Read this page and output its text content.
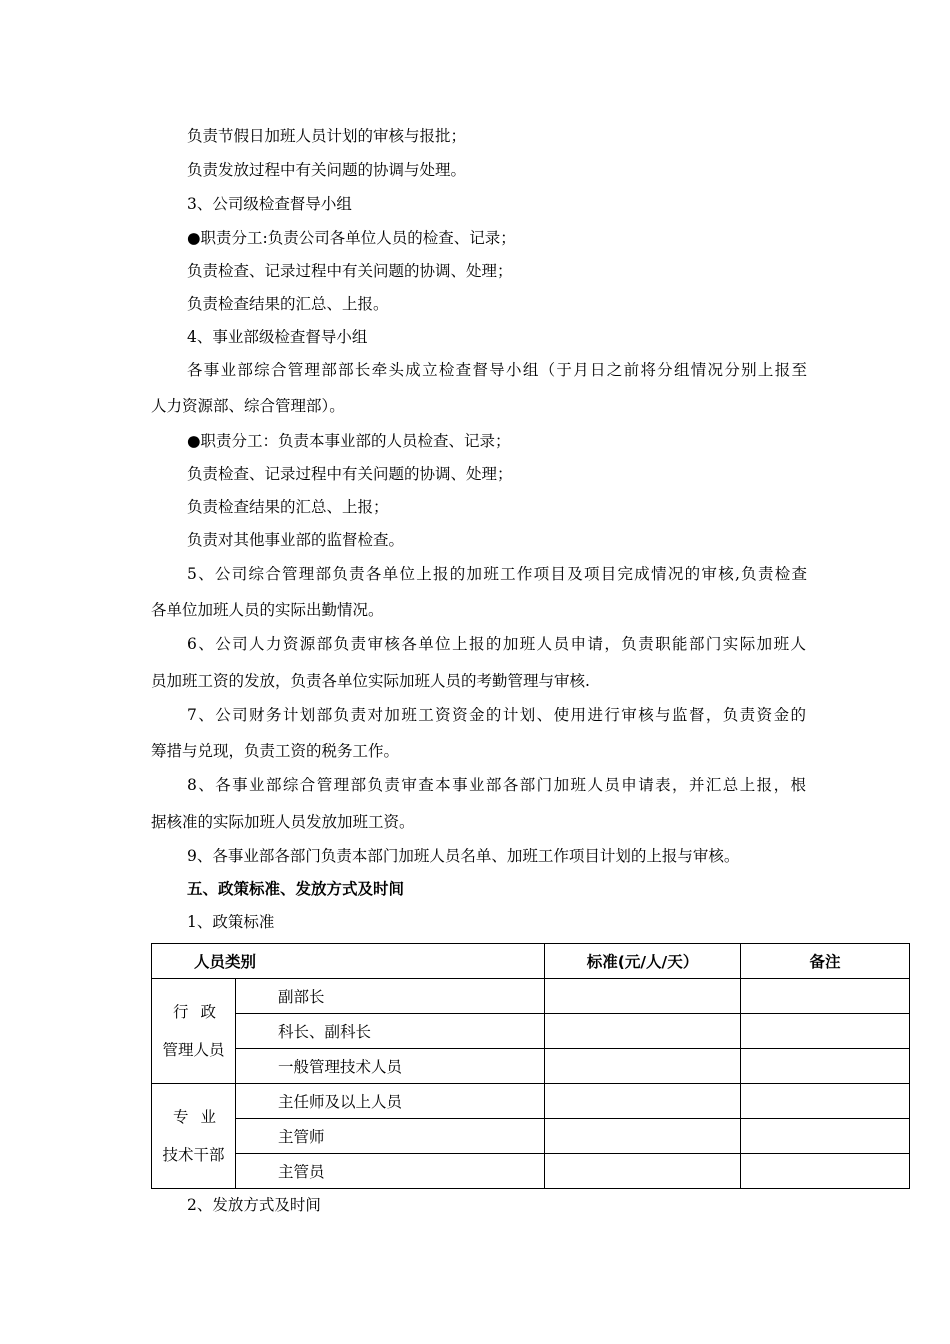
负责节假日加班人员计划的审核与报批；
负责发放过程中有关问题的协调与处理。
3、公司级检查督导小组
●职责分工:负责公司各单位人员的检查、记录；
负责检查、记录过程中有关问题的协调、处理；
负责检查结果的汇总、上报。
4、事业部级检查督导小组
各事业部综合管理部部长牵头成立检查督导小组（于月日之前将分组情况分别上报至
人力资源部、综合管理部）。
●职责分工：负责本事业部的人员检查、记录；
负责检查、记录过程中有关问题的协调、处理；
负责检查结果的汇总、上报；
负责对其他事业部的监督检查。
5、公司综合管理部负责各单位上报的加班工作项目及项目完成情况的审核,负责检查
各单位加班人员的实际出勤情况。
6、公司人力资源部负责审核各单位上报的加班人员申请，负责职能部门实际加班人
员加班工资的发放，负责各单位实际加班人员的考勤管理与审核.
7、公司财务计划部负责对加班工资资金的计划、使用进行审核与监督，负责资金的
筹措与兑现，负责工资的税务工作。
8、各事业部综合管理部负责审查本事业部各部门加班人员申请表，并汇总上报，根
据核准的实际加班人员发放加班工资。
9、各事业部各部门负责本部门加班人员名单、加班工作项目计划的上报与审核。
五、政策标准、发放方式及时间
1、政策标准
人员类别		标准(元/人/天）	备注

行政
管理人员	副部长		
	科长、副科长		
	一般管理技术人员		

专业
技术干部	主任师及以上人员		
	主管师		
	主管员		
2、发放方式及时间
